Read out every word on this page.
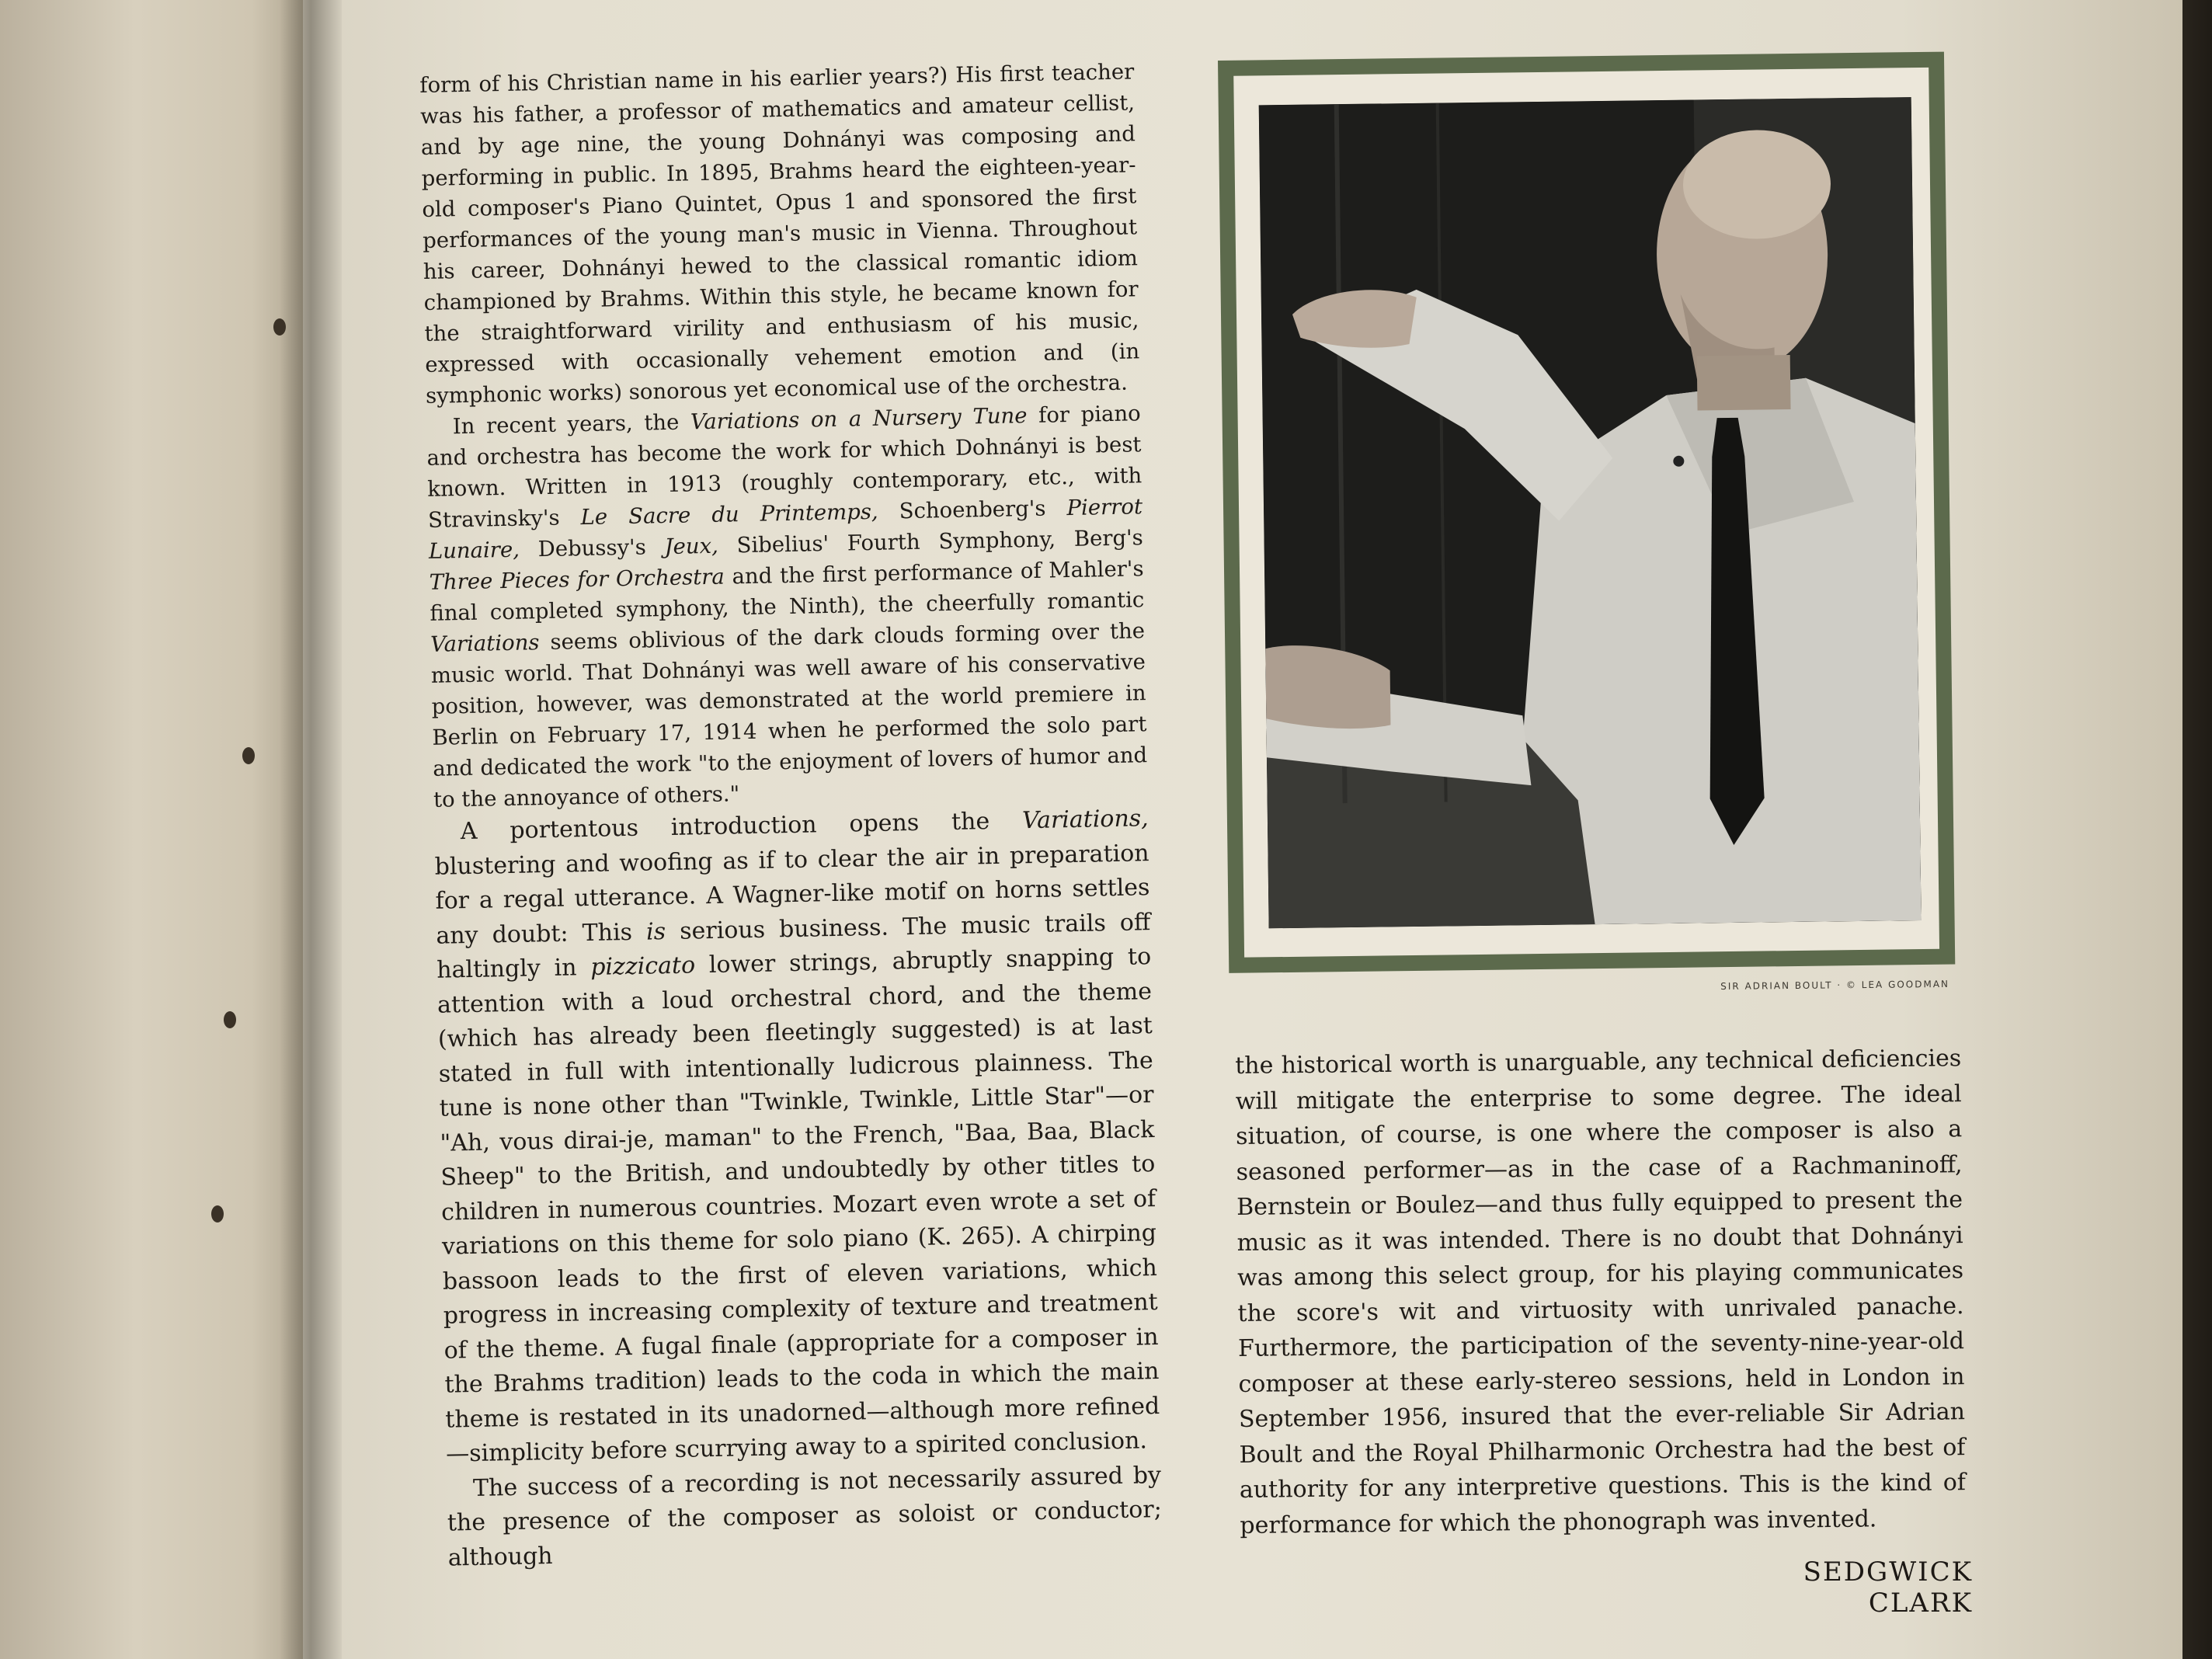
form of his Christian name in his earlier years?) His first teacher was his father, a professor of mathematics and amateur cellist, and by age nine, the young Dohnányi was composing and performing in public. In 1895, Brahms heard the eighteen-year-old composer's Piano Quintet, Opus 1 and sponsored the first performances of the young man's music in Vienna. Throughout his career, Dohnányi hewed to the classical romantic idiom championed by Brahms. Within this style, he became known for the straightforward virility and enthusiasm of his music, expressed with occasionally vehement emotion and (in symphonic works) sonorous yet economical use of the orchestra.

In recent years, the Variations on a Nursery Tune for piano and orchestra has become the work for which Dohnányi is best known. Written in 1913 (roughly contemporary, etc., with Stravinsky's Le Sacre du Printemps, Schoenberg's Pierrot Lunaire, Debussy's Jeux, Sibelius' Fourth Symphony, Berg's Three Pieces for Orchestra and the first performance of Mahler's final completed symphony, the Ninth), the cheerfully romantic Variations seems oblivious of the dark clouds forming over the music world. That Dohnányi was well aware of his conservative position, however, was demonstrated at the world premiere in Berlin on February 17, 1914 when he performed the solo part and dedicated the work "to the enjoyment of lovers of humor and to the annoyance of others."

A portentous introduction opens the Variations, blustering and woofing as if to clear the air in preparation for a regal utterance. A Wagner-like motif on horns settles any doubt: This is serious business. The music trails off haltingly in pizzicato lower strings, abruptly snapping to attention with a loud orchestral chord, and the theme (which has already been fleetingly suggested) is at last stated in full with intentionally ludicrous plainness. The tune is none other than "Twinkle, Twinkle, Little Star"—or "Ah, vous dirai-je, maman" to the French, "Baa, Baa, Black Sheep" to the British, and undoubtedly by other titles to children in numerous countries. Mozart even wrote a set of variations on this theme for solo piano (K. 265). A chirping bassoon leads to the first of eleven variations, which progress in increasing complexity of texture and treatment of the theme. A fugal finale (appropriate for a composer in the Brahms tradition) leads to the coda in which the main theme is restated in its unadorned—although more refined—simplicity before scurrying away to a spirited conclusion.

The success of a recording is not necessarily assured by the presence of the composer as soloist or conductor; although

SIR ADRIAN BOULT · © LEA GOODMAN

the historical worth is unarguable, any technical deficiencies will mitigate the enterprise to some degree. The ideal situation, of course, is one where the composer is also a seasoned performer—as in the case of a Rachmaninoff, Bernstein or Boulez—and thus fully equipped to present the music as it was intended. There is no doubt that Dohnányi was among this select group, for his playing communicates the score's wit and virtuosity with unrivaled panache. Furthermore, the participation of the seventy-nine-year-old composer at these early-stereo sessions, held in London in September 1956, insured that the ever-reliable Sir Adrian Boult and the Royal Philharmonic Orchestra had the best of authority for any interpretive questions. This is the kind of performance for which the phonograph was invented.

SEDGWICK CLARK
